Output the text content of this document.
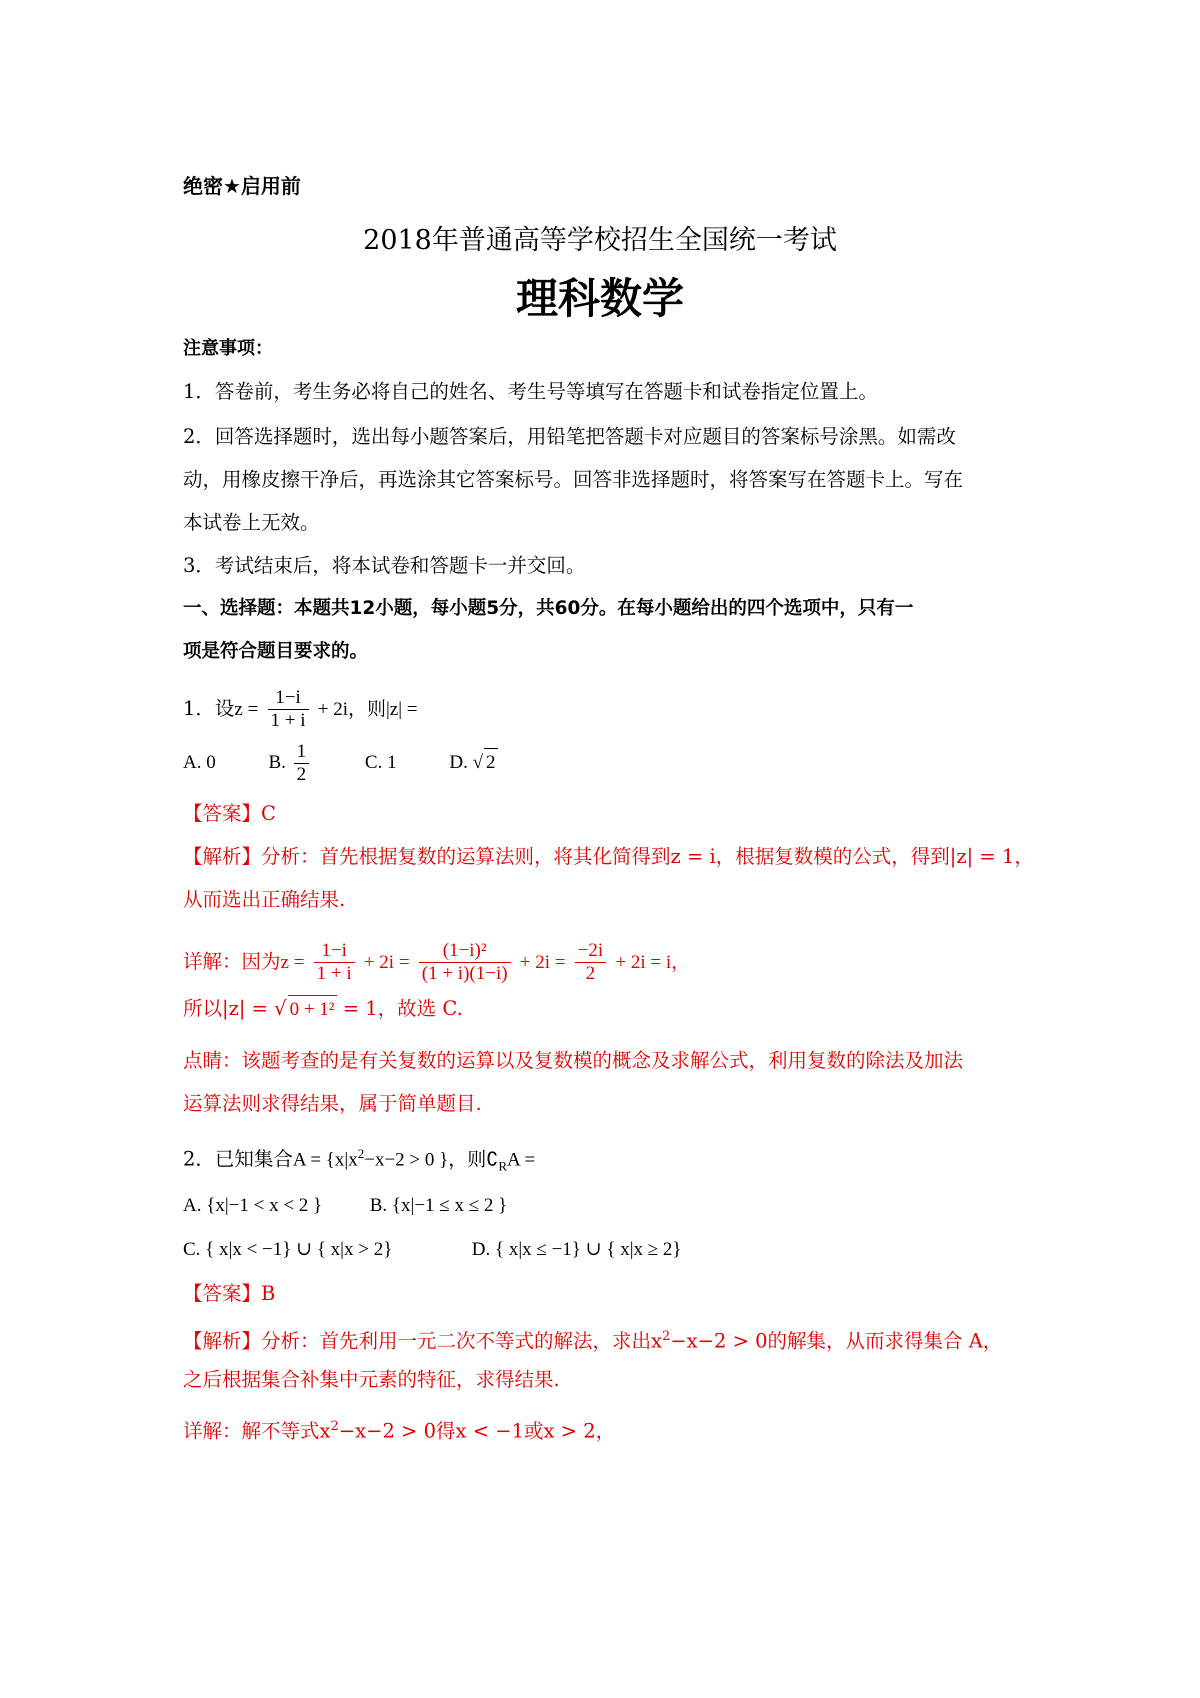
绝密★启用前
2018年普通高等学校招生全国统一考试
理科数学
注意事项：
1．答卷前，考生务必将自己的姓名、考生号等填写在答题卡和试卷指定位置上。
2．回答选择题时，选出每小题答案后，用铅笔把答题卡对应题目的答案标号涂黑。如需改
动，用橡皮擦干净后，再选涂其它答案标号。回答非选择题时，将答案写在答题卡上。写在
本试卷上无效。
3．考试结束后，将本试卷和答题卡一并交回。
一、选择题：本题共12小题，每小题5分，共60分。在每小题给出的四个选项中，只有一
项是符合题目要求的。
1．设$z = \frac{1-i}{1 + i} + 2i$，则|z| =
A. 0	B. $\frac{1}{2}$	C. 1	D. √ 2
【答案】C
【解析】分析：首先根据复数的运算法则，将其化简得到z = i，根据复数模的公式，得到|z| = 1，
从而选出正确结果.
详解：因为$z = \frac{1-i}{1 + i} + 2i = \frac{\text{(1−i)²}}{(1 + i)(1-i)} + 2i = \frac{-2i}{2} + 2i = i$，
所以|z| = √ 0 + 1² = 1，故选 C.
点睛：该题考查的是有关复数的运算以及复数模的概念及求解公式，利用复数的除法及加法
运算法则求得结果，属于简单题目.
2．已知集合$A = \{x|x^2-x-2 > 0$ }，则$∁_RA$ =
A. {x|−1 < x < 2 }	B. {x|−1 ≤ x ≤ 2 }
C. { x|x < −1} ∪ { x|x > 2}	D. { x|x ≤ −1} ∪ { x|x ≥ 2}
【答案】B
【解析】分析：首先利用一元二次不等式的解法，求出$x^2-x-2 > 0$的解集，从而求得集合 A，
之后根据集合补集中元素的特征，求得结果.
详解：解不等式$x^2-x-2 > 0$得x < −1或x > 2，
